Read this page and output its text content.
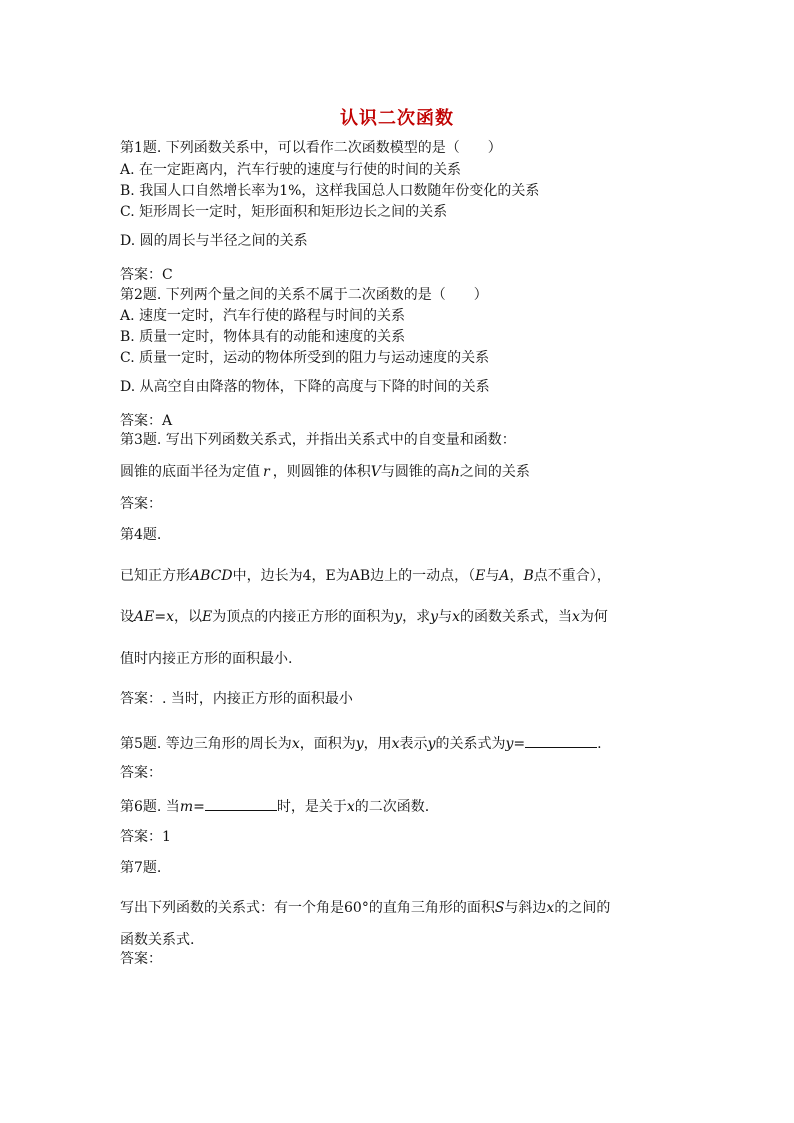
认识二次函数
第1题. 下列函数关系中，可以看作二次函数模型的是（　　）
A. 在一定距离内，汽车行驶的速度与行使的时间的关系
B. 我国人口自然增长率为1%，这样我国总人口数随年份变化的关系
C. 矩形周长一定时，矩形面积和矩形边长之间的关系
D. 圆的周长与半径之间的关系
答案：C
第2题. 下列两个量之间的关系不属于二次函数的是（　　）
A. 速度一定时，汽车行使的路程与时间的关系
B. 质量一定时，物体具有的动能和速度的关系
C. 质量一定时，运动的物体所受到的阻力与运动速度的关系
D. 从高空自由降落的物体，下降的高度与下降的时间的关系
答案：A
第3题. 写出下列函数关系式，并指出关系式中的自变量和函数：
圆锥的底面半径为定值 r ，则圆锥的体积V与圆锥的高h之间的关系
答案：
第4题.
已知正方形ABCD中，边长为4，E为AB边上的一动点，（E与A，B点不重合），
设AE=x，以E为顶点的内接正方形的面积为y，求y与x的函数关系式，当x为何
值时内接正方形的面积最小.
答案：. 当时，内接正方形的面积最小
第5题. 等边三角形的周长为x，面积为y，用x表示y的关系式为y=	.
答案：
第6题. 当m=	时，是关于x的二次函数.
答案：1
第7题.
写出下列函数的关系式：有一个角是60°的直角三角形的面积S与斜边x的之间的
函数关系式.
答案：
